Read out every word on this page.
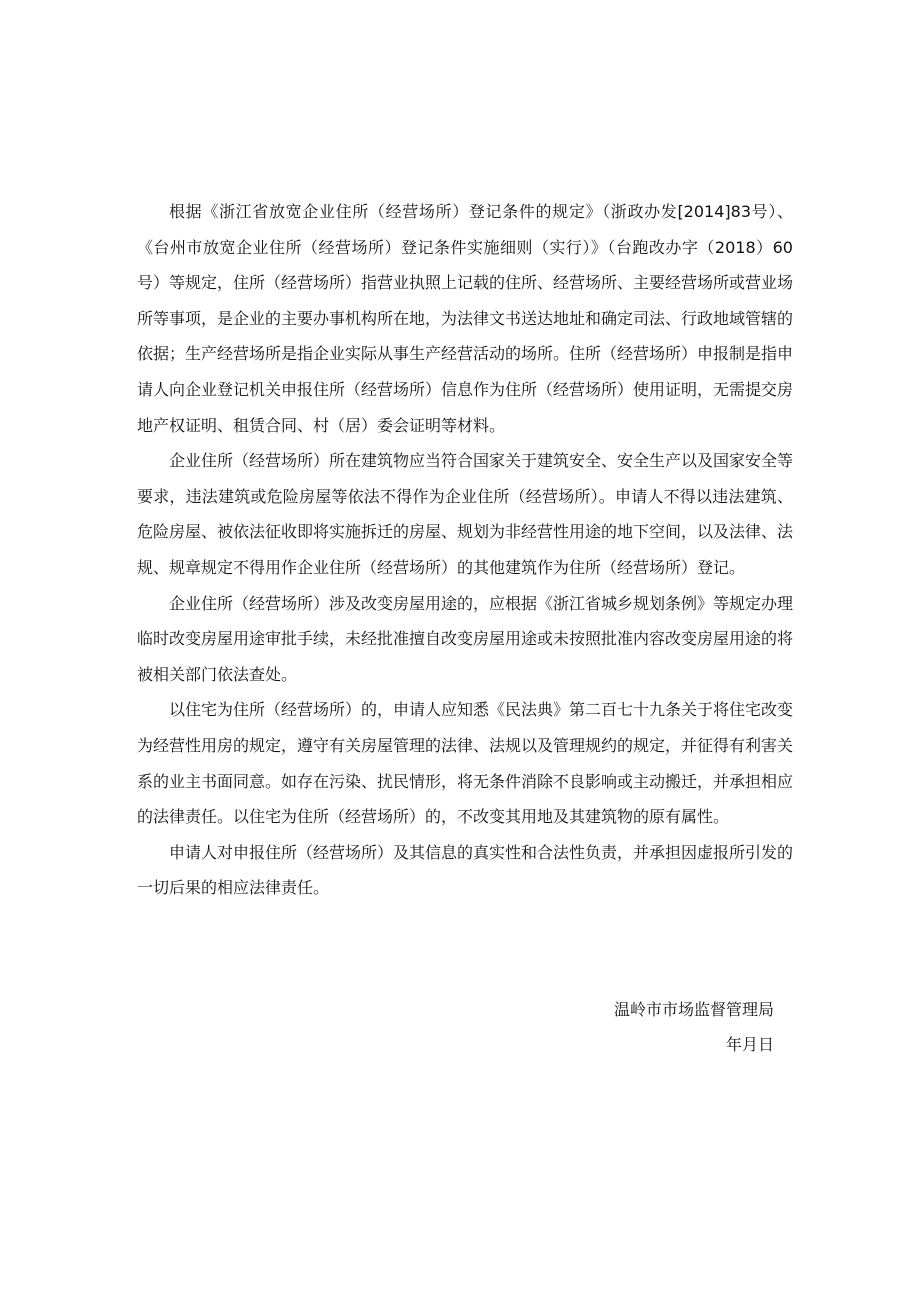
根据《浙江省放宽企业住所（经营场所）登记条件的规定》（浙政办发[2014]83号）、《台州市放宽企业住所（经营场所）登记条件实施细则（实行）》（台跑改办字（2018）60号）等规定，住所（经营场所）指营业执照上记载的住所、经营场所、主要经营场所或营业场所等事项，是企业的主要办事机构所在地，为法律文书送达地址和确定司法、行政地域管辖的依据；生产经营场所是指企业实际从事生产经营活动的场所。住所（经营场所）申报制是指申请人向企业登记机关申报住所（经营场所）信息作为住所（经营场所）使用证明，无需提交房地产权证明、租赁合同、村（居）委会证明等材料。

企业住所（经营场所）所在建筑物应当符合国家关于建筑安全、安全生产以及国家安全等要求，违法建筑或危险房屋等依法不得作为企业住所（经营场所）。申请人不得以违法建筑、危险房屋、被依法征收即将实施拆迁的房屋、规划为非经营性用途的地下空间，以及法律、法规、规章规定不得用作企业住所（经营场所）的其他建筑作为住所（经营场所）登记。

企业住所（经营场所）涉及改变房屋用途的，应根据《浙江省城乡规划条例》等规定办理临时改变房屋用途审批手续，未经批准擅自改变房屋用途或未按照批准内容改变房屋用途的将被相关部门依法查处。

以住宅为住所（经营场所）的，申请人应知悉《民法典》第二百七十九条关于将住宅改变为经营性用房的规定，遵守有关房屋管理的法律、法规以及管理规约的规定，并征得有利害关系的业主书面同意。如存在污染、扰民情形，将无条件消除不良影响或主动搬迁，并承担相应的法律责任。以住宅为住所（经营场所）的，不改变其用地及其建筑物的原有属性。

申请人对申报住所（经营场所）及其信息的真实性和合法性负责，并承担因虚报所引发的一切后果的相应法律责任。

温岭市市场监督管理局
年月日
